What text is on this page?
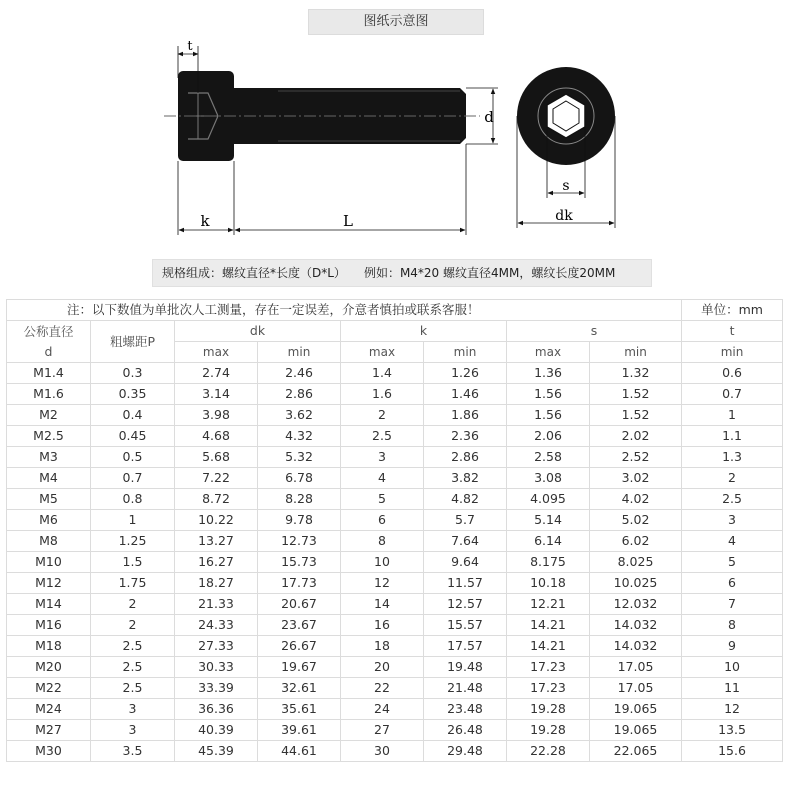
图纸示意图
t
d
k	L
s
dk
规格组成：螺纹直径*长度（D*L） 例如：M4*20 螺纹直径4MM，螺纹长度20MM
注：以下数值为单批次人工测量，存在一定误差，介意者慎拍或联系客服！								单位：mm
公称直径
d	粗螺距P	dk		k		s		t
		max	min	max	min	max	min	min
M1.4	0.3	2.74	2.46	1.4	1.26	1.36	1.32	0.6
M1.6	0.35	3.14	2.86	1.6	1.46	1.56	1.52	0.7
M2	0.4	3.98	3.62	2	1.86	1.56	1.52	1
M2.5	0.45	4.68	4.32	2.5	2.36	2.06	2.02	1.1
M3	0.5	5.68	5.32	3	2.86	2.58	2.52	1.3
M4	0.7	7.22	6.78	4	3.82	3.08	3.02	2
M5	0.8	8.72	8.28	5	4.82	4.095	4.02	2.5
M6	1	10.22	9.78	6	5.7	5.14	5.02	3
M8	1.25	13.27	12.73	8	7.64	6.14	6.02	4
M10	1.5	16.27	15.73	10	9.64	8.175	8.025	5
M12	1.75	18.27	17.73	12	11.57	10.18	10.025	6
M14	2	21.33	20.67	14	12.57	12.21	12.032	7
M16	2	24.33	23.67	16	15.57	14.21	14.032	8
M18	2.5	27.33	26.67	18	17.57	14.21	14.032	9
M20	2.5	30.33	19.67	20	19.48	17.23	17.05	10
M22	2.5	33.39	32.61	22	21.48	17.23	17.05	11
M24	3	36.36	35.61	24	23.48	19.28	19.065	12
M27	3	40.39	39.61	27	26.48	19.28	19.065	13.5
M30	3.5	45.39	44.61	30	29.48	22.28	22.065	15.6
